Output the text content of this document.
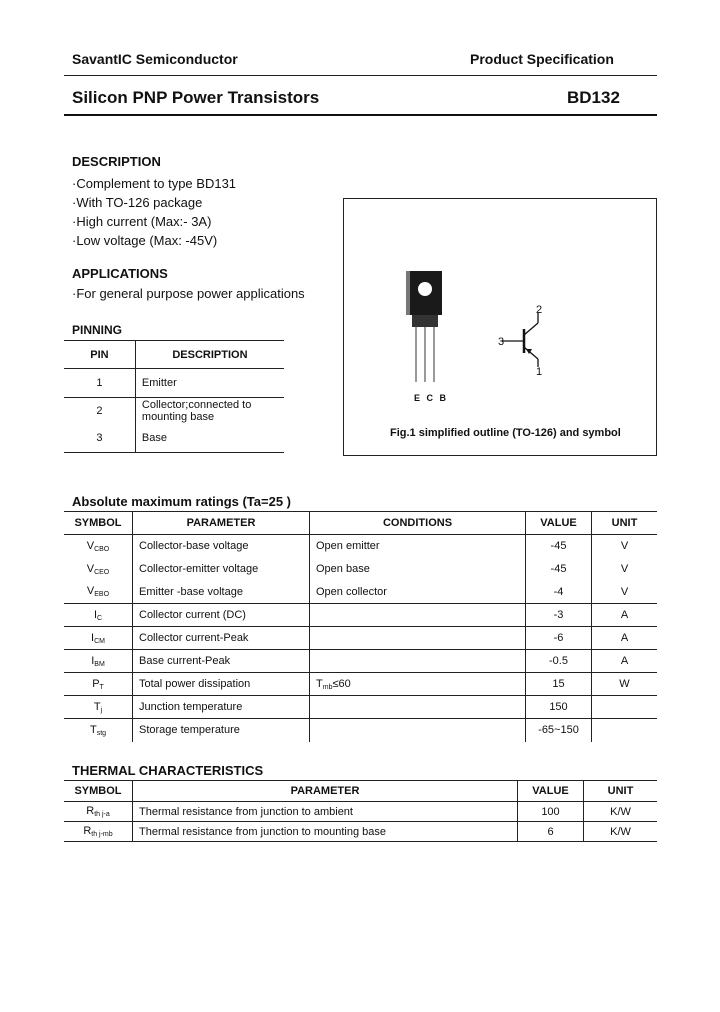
SavantIC Semiconductor	Product Specification
Silicon PNP Power Transistors	BD132
DESCRIPTION
·Complement to type BD131
·With TO-126 package
·High current (Max:- 3A)
·Low voltage (Max: -45V)
APPLICATIONS
·For general purpose power applications
PINNING
PIN	DESCRIPTION
1	Emitter
2	Collector;connected to mounting base
3	Base
E C B
2
3
1
Fig.1 simplified outline (TO-126) and symbol
Absolute maximum ratings (Ta=25 )
SYMBOL	PARAMETER	CONDITIONS	VALUE	UNIT
$V_{CBO}$	Collector-base voltage	Open emitter	-45	V
$V_{CEO}$	Collector-emitter voltage	Open base	-45	V
$V_{EBO}$	Emitter -base voltage	Open collector	-4	V
$I_C$	Collector current (DC)		-3	A
$I_{CM}$	Collector current-Peak		-6	A
$I_{BM}$	Base current-Peak		-0.5	A
$P_T$	Total power dissipation	$T_{mb}\le 60$	15	W
$T_j$	Junction temperature		150	
$T_{stg}$	Storage temperature		-65~150	
THERMAL CHARACTERISTICS
SYMBOL	PARAMETER	VALUE	UNIT
$R_{th j-a}$	Thermal resistance from junction to ambient	100	K/W
$R_{th j-mb}$	Thermal resistance from junction to mounting base	6	K/W
